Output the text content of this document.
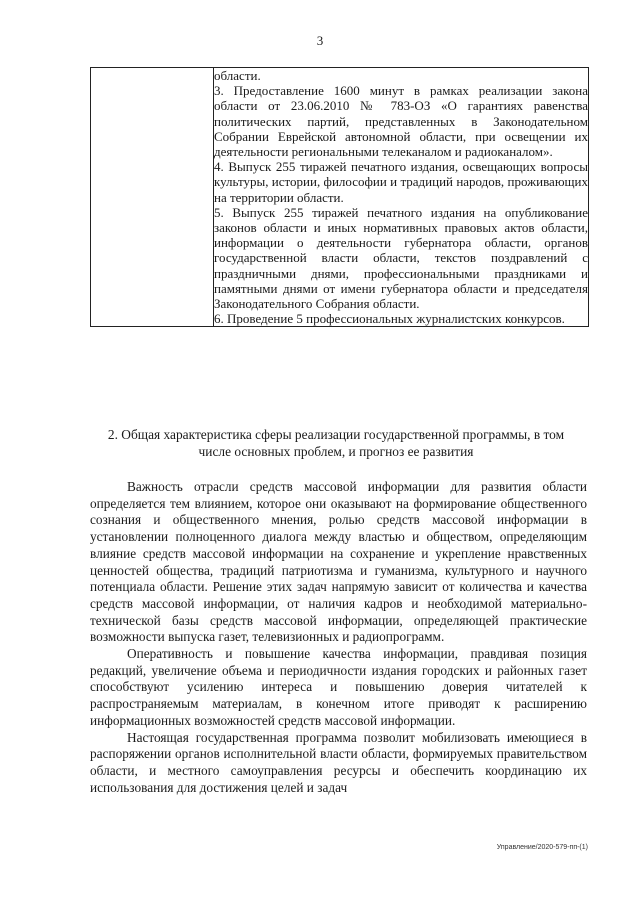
3

области.
3. Предоставление 1600 минут в рамках реализации закона области от 23.06.2010 № 783-ОЗ «О гарантиях равенства политических партий, представленных в Законодательном Собрании Еврейской автономной области, при освещении их деятельности региональными телеканалом и радиоканалом».
4. Выпуск 255 тиражей печатного издания, освещающих вопросы культуры, истории, философии и традиций народов, проживающих на территории области.
5. Выпуск 255 тиражей печатного издания на опубликование законов области и иных нормативных правовых актов области, информации о деятельности губернатора области, органов государственной власти области, текстов поздравлений с праздничными днями, профессиональными праздниками и памятными днями от имени губернатора области и председателя Законодательного Собрания области.
6. Проведение 5 профессиональных журналистских конкурсов.
2. Общая характеристика сферы реализации государственной программы, в том числе основных проблем, и прогноз ее развития

Важность отрасли средств массовой информации для развития области определяется тем влиянием, которое они оказывают на формирование общественного сознания и общественного мнения, ролью средств массовой информации в установлении полноценного диалога между властью и обществом, определяющим влияние средств массовой информации на сохранение и укрепление нравственных ценностей общества, традиций патриотизма и гуманизма, культурного и научного потенциала области. Решение этих задач напрямую зависит от количества и качества средств массовой информации, от наличия кадров и необходимой материально-технической базы средств массовой информации, определяющей практические возможности выпуска газет, телевизионных и радиопрограмм.

Оперативность и повышение качества информации, правдивая позиция редакций, увеличение объема и периодичности издания городских и районных газет способствуют усилению интереса и повышению доверия читателей к распространяемым материалам, в конечном итоге приводят к расширению информационных возможностей средств массовой информации.

Настоящая государственная программа позволит мобилизовать имеющиеся в распоряжении органов исполнительной власти области, формируемых правительством области, и местного самоуправления ресурсы и обеспечить координацию их использования для достижения целей и задач

Управление/2020-579-пп-(1)
